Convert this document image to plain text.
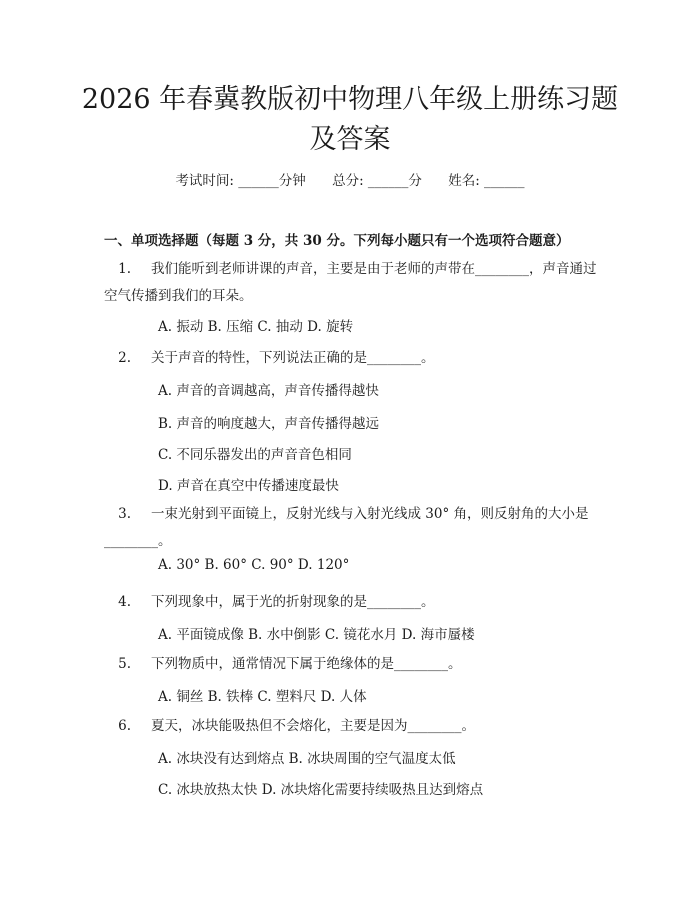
2026 年春冀教版初中物理八年级上册练习题
及答案
考试时间: ______分钟 总分: ______分 姓名: ______
一、单项选择题（每题 3 分，共 30 分。下列每小题只有一个选项符合题意）
1. 我们能听到老师讲课的声音，主要是由于老师的声带在________，声音通过空气传播到我们的耳朵。
A. 振动 B. 压缩 C. 抽动 D. 旋转
2. 关于声音的特性，下列说法正确的是________。
A. 声音的音调越高，声音传播得越快
B. 声音的响度越大，声音传播得越远
C. 不同乐器发出的声音音色相同
D. 声音在真空中传播速度最快
3. 一束光射到平面镜上，反射光线与入射光线成 30° 角，则反射角的大小是________。
A. 30° B. 60° C. 90° D. 120°
4. 下列现象中，属于光的折射现象的是________。
A. 平面镜成像 B. 水中倒影 C. 镜花水月 D. 海市蜃楼
5. 下列物质中，通常情况下属于绝缘体的是________。
A. 铜丝 B. 铁棒 C. 塑料尺 D. 人体
6. 夏天，冰块能吸热但不会熔化，主要是因为________。
A. 冰块没有达到熔点 B. 冰块周围的空气温度太低
C. 冰块放热太快 D. 冰块熔化需要持续吸热且达到熔点
